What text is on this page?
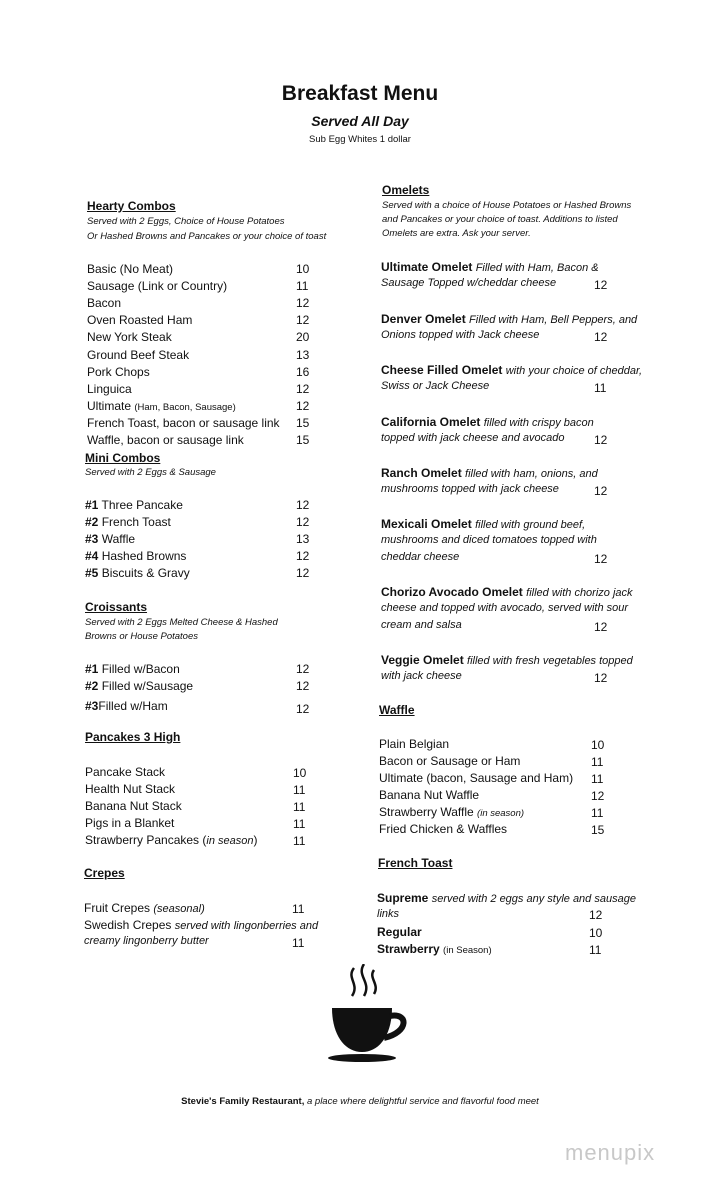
Breakfast Menu
Served All Day
Sub Egg Whites 1 dollar
Hearty Combos
Served with 2 Eggs, Choice of House Potatoes
Or Hashed Browns and Pancakes or your choice of toast
Mini Combos
Served with 2 Eggs & Sausage
Croissants
Served with 2 Eggs Melted Cheese & Hashed
Browns or House Potatoes
Pancakes 3 High
Crepes
Fruit Crepes (seasonal)	11
Swedish Crepes served with lingonberries and
creamy lingonberry butter	11
Omelets
Served with a choice of House Potatoes or Hashed Browns
and Pancakes or your choice of toast. Additions to listed
Omelets are extra. Ask your server.
Waffle
French Toast
Supreme served with 2 eggs any style and sausage
links	12
Regular	10
Strawberry (in Season)	11
Stevie's Family Restaurant, a place where delightful service and flavorful food meet
menupix
Basic (No Meat)	10
Sausage (Link or Country)	11
Bacon	12
Oven Roasted Ham	12
New York Steak	20
Ground Beef Steak	13
Pork Chops	16
Linguica	12
Ultimate (Ham, Bacon, Sausage)	12
French Toast, bacon or sausage link 15
Waffle, bacon or sausage link	15
#1 Three Pancake	12
#2 French Toast	12
#3 Waffle	13
#4 Hashed Browns	12
#5 Biscuits & Gravy	12
#1 Filled w/Bacon	12
#2 Filled w/Sausage	12
#3Filled w/Ham	12
Pancake Stack	10
Health Nut Stack	11
Banana Nut Stack	11
Pigs in a Blanket	11
Strawberry Pancakes (in season)	11
Ultimate Omelet Filled with Ham, Bacon &
Sausage Topped w/cheddar cheese	12
Denver Omelet Filled with Ham, Bell Peppers, and
Onions topped with Jack cheese	12
Cheese Filled Omelet with your choice of cheddar,
Swiss or Jack Cheese	11
California Omelet filled with crispy bacon
topped with jack cheese and avocado 12
Ranch Omelet filled with ham, onions, and
mushrooms topped with jack cheese	12
Mexicali Omelet filled with ground beef,
mushrooms and diced tomatoes topped with
cheddar cheese	12
Chorizo Avocado Omelet filled with chorizo jack
cheese and topped with avocado, served with sour
cream and salsa	12
Veggie Omelet filled with fresh vegetables topped
with jack cheese	12
Plain Belgian	10
Bacon or Sausage or Ham	11
Ultimate (bacon, Sausage and Ham) 11
Banana Nut Waffle	12
Strawberry Waffle (in season)	11
Fried Chicken & Waffles	15
